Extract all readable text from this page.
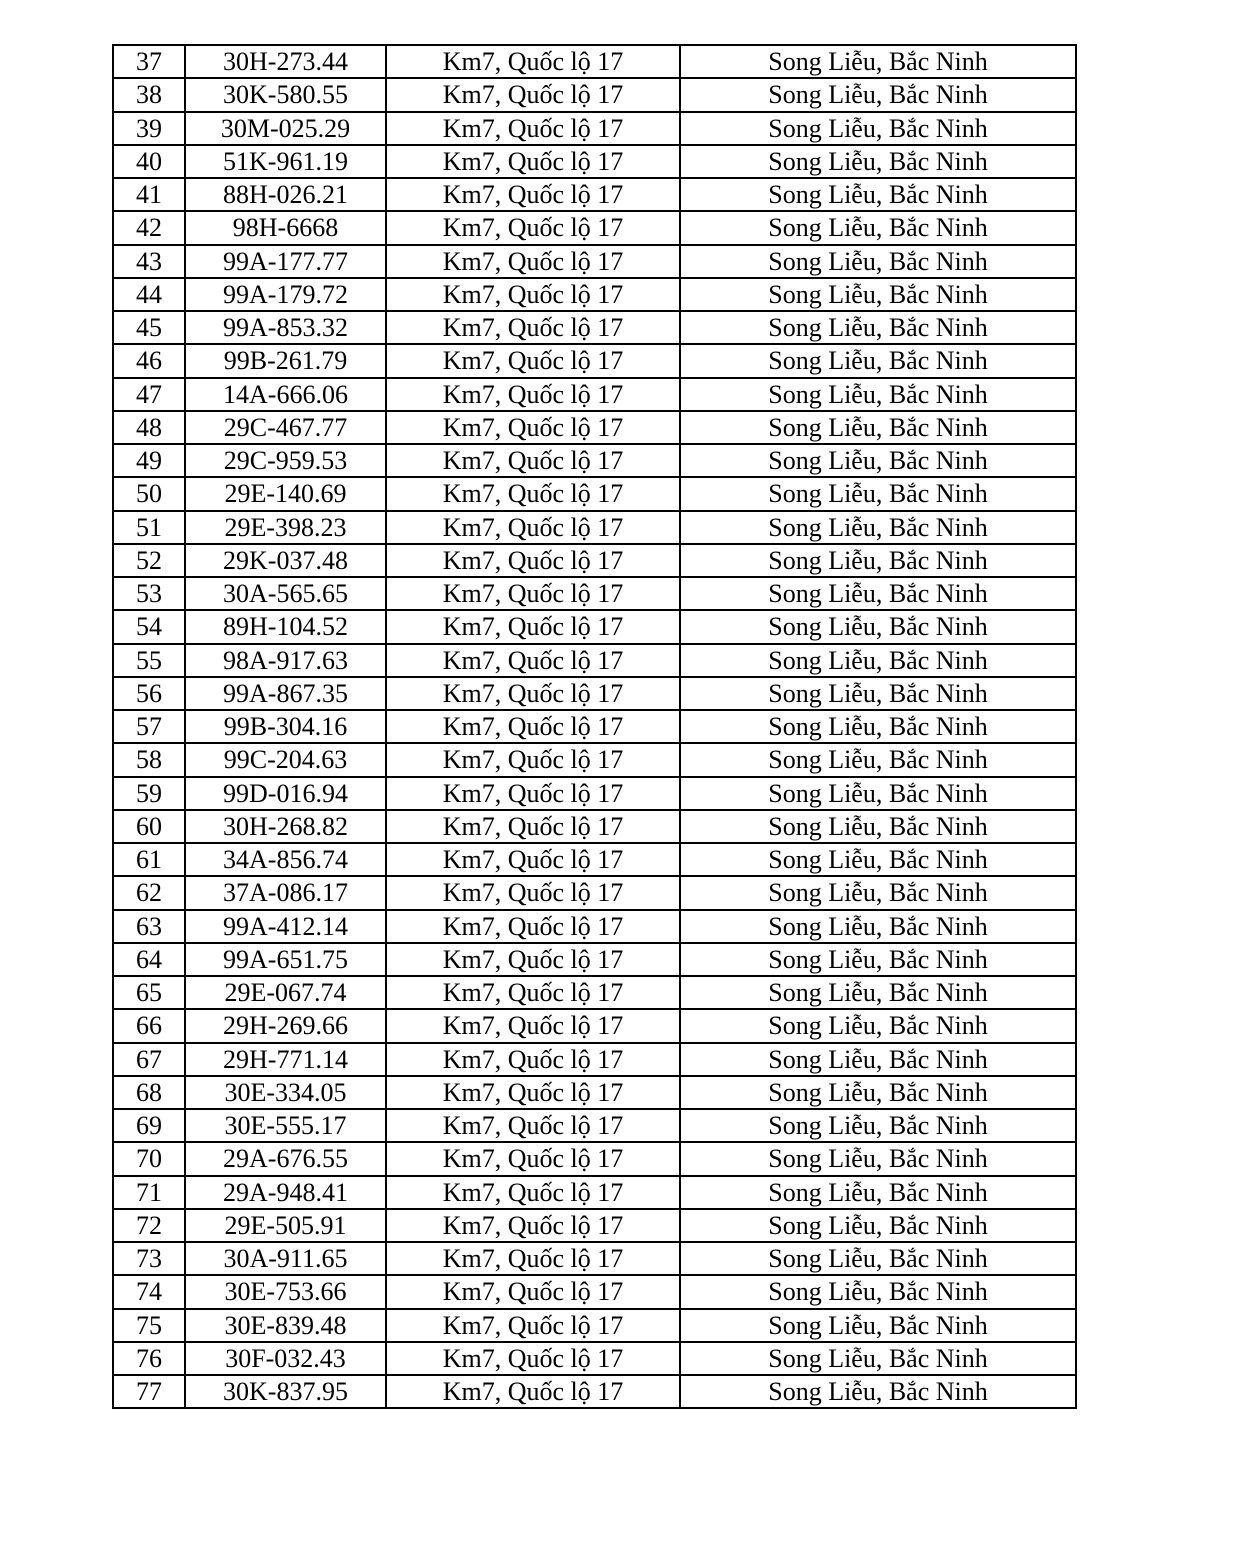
37	30H-273.44	Km7, Quốc lộ 17	Song Liễu, Bắc Ninh
38	30K-580.55	Km7, Quốc lộ 17	Song Liễu, Bắc Ninh
39	30M-025.29	Km7, Quốc lộ 17	Song Liễu, Bắc Ninh
40	51K-961.19	Km7, Quốc lộ 17	Song Liễu, Bắc Ninh
41	88H-026.21	Km7, Quốc lộ 17	Song Liễu, Bắc Ninh
42	98H-6668	Km7, Quốc lộ 17	Song Liễu, Bắc Ninh
43	99A-177.77	Km7, Quốc lộ 17	Song Liễu, Bắc Ninh
44	99A-179.72	Km7, Quốc lộ 17	Song Liễu, Bắc Ninh
45	99A-853.32	Km7, Quốc lộ 17	Song Liễu, Bắc Ninh
46	99B-261.79	Km7, Quốc lộ 17	Song Liễu, Bắc Ninh
47	14A-666.06	Km7, Quốc lộ 17	Song Liễu, Bắc Ninh
48	29C-467.77	Km7, Quốc lộ 17	Song Liễu, Bắc Ninh
49	29C-959.53	Km7, Quốc lộ 17	Song Liễu, Bắc Ninh
50	29E-140.69	Km7, Quốc lộ 17	Song Liễu, Bắc Ninh
51	29E-398.23	Km7, Quốc lộ 17	Song Liễu, Bắc Ninh
52	29K-037.48	Km7, Quốc lộ 17	Song Liễu, Bắc Ninh
53	30A-565.65	Km7, Quốc lộ 17	Song Liễu, Bắc Ninh
54	89H-104.52	Km7, Quốc lộ 17	Song Liễu, Bắc Ninh
55	98A-917.63	Km7, Quốc lộ 17	Song Liễu, Bắc Ninh
56	99A-867.35	Km7, Quốc lộ 17	Song Liễu, Bắc Ninh
57	99B-304.16	Km7, Quốc lộ 17	Song Liễu, Bắc Ninh
58	99C-204.63	Km7, Quốc lộ 17	Song Liễu, Bắc Ninh
59	99D-016.94	Km7, Quốc lộ 17	Song Liễu, Bắc Ninh
60	30H-268.82	Km7, Quốc lộ 17	Song Liễu, Bắc Ninh
61	34A-856.74	Km7, Quốc lộ 17	Song Liễu, Bắc Ninh
62	37A-086.17	Km7, Quốc lộ 17	Song Liễu, Bắc Ninh
63	99A-412.14	Km7, Quốc lộ 17	Song Liễu, Bắc Ninh
64	99A-651.75	Km7, Quốc lộ 17	Song Liễu, Bắc Ninh
65	29E-067.74	Km7, Quốc lộ 17	Song Liễu, Bắc Ninh
66	29H-269.66	Km7, Quốc lộ 17	Song Liễu, Bắc Ninh
67	29H-771.14	Km7, Quốc lộ 17	Song Liễu, Bắc Ninh
68	30E-334.05	Km7, Quốc lộ 17	Song Liễu, Bắc Ninh
69	30E-555.17	Km7, Quốc lộ 17	Song Liễu, Bắc Ninh
70	29A-676.55	Km7, Quốc lộ 17	Song Liễu, Bắc Ninh
71	29A-948.41	Km7, Quốc lộ 17	Song Liễu, Bắc Ninh
72	29E-505.91	Km7, Quốc lộ 17	Song Liễu, Bắc Ninh
73	30A-911.65	Km7, Quốc lộ 17	Song Liễu, Bắc Ninh
74	30E-753.66	Km7, Quốc lộ 17	Song Liễu, Bắc Ninh
75	30E-839.48	Km7, Quốc lộ 17	Song Liễu, Bắc Ninh
76	30F-032.43	Km7, Quốc lộ 17	Song Liễu, Bắc Ninh
77	30K-837.95	Km7, Quốc lộ 17	Song Liễu, Bắc Ninh
